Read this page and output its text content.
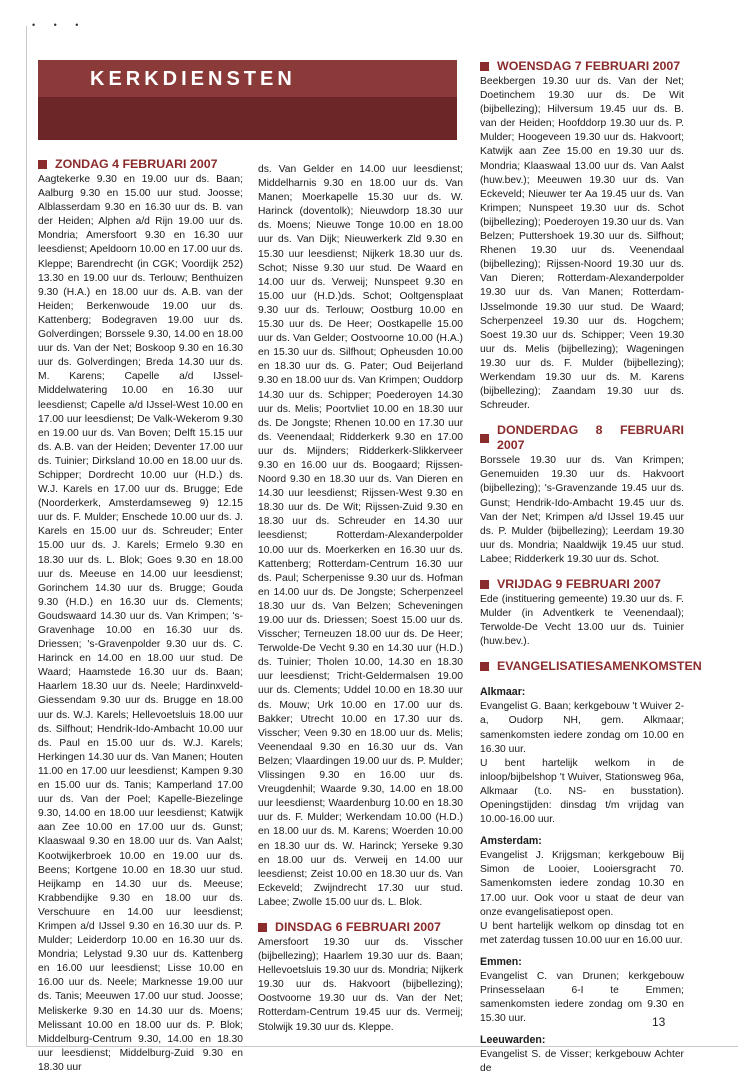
• • •
KERKDIENSTEN
ZONDAG 4 FEBRUARI 2007

Aagtekerke 9.30 en 19.00 uur ds. Baan; Aalburg 9.30 en 15.00 uur stud. Joosse; Alblasserdam 9.30 en 16.30 uur ds. B. van der Heiden; Alphen a/d Rijn 19.00 uur ds. Mondria; Amersfoort 9.30 en 16.30 uur leesdienst; Apeldoorn 10.00 en 17.00 uur ds. Kleppe; Barendrecht (in CGK; Voordijk 252) 13.30 en 19.00 uur ds. Terlouw; Benthuizen 9.30 (H.A.) en 18.00 uur ds. A.B. van der Heiden; Berkenwoude 19.00 uur ds. Kattenberg; Bodegraven 19.00 uur ds. Golverdingen; Borssele 9.30, 14.00 en 18.00 uur ds. Van der Net; Boskoop 9.30 en 16.30 uur ds. Golverdingen; Breda 14.30 uur ds. M. Karens; Capelle a/d IJssel-Middelwatering 10.00 en 16.30 uur leesdienst; Capelle a/d IJssel-West 10.00 en 17.00 uur leesdienst; De Valk-Wekerom 9.30 en 19.00 uur ds. Van Boven; Delft 15.15 uur ds. A.B. van der Heiden; Deventer 17.00 uur ds. Tuinier; Dirksland 10.00 en 18.00 uur ds. Schipper; Dordrecht 10.00 uur (H.D.) ds. W.J. Karels en 17.00 uur ds. Brugge; Ede (Noorderkerk, Amsterdamseweg 9) 12.15 uur ds. F. Mulder; Enschede 10.00 uur ds. J. Karels en 15.00 uur ds. Schreuder; Enter 15.00 uur ds. J. Karels; Ermelo 9.30 en 18.30 uur ds. L. Blok; Goes 9.30 en 18.00 uur ds. Meeuse en 14.00 uur leesdienst; Gorinchem 14.30 uur ds. Brugge; Gouda 9.30 (H.D.) en 16.30 uur ds. Clements; Goudswaard 14.30 uur ds. Van Krimpen; 's-Gravenhage 10.00 en 16.30 uur ds. Driessen; 's-Gravenpolder 9.30 uur ds. C. Harinck en 14.00 en 18.00 uur stud. De Waard; Haamstede 16.30 uur ds. Baan; Haarlem 18.30 uur ds. Neele; Hardinxveld-Giessendam 9.30 uur ds. Brugge en 18.00 uur ds. W.J. Karels; Hellevoetsluis 18.00 uur ds. Silfhout; Hendrik-Ido-Ambacht 10.00 uur ds. Paul en 15.00 uur ds. W.J. Karels; Herkingen 14.30 uur ds. Van Manen; Houten 11.00 en 17.00 uur leesdienst; Kampen 9.30 en 15.00 uur ds. Tanis; Kamperland 17.00 uur ds. Van der Poel; Kapelle-Biezelinge 9.30, 14.00 en 18.00 uur leesdienst; Katwijk aan Zee 10.00 en 17.00 uur ds. Gunst; Klaaswaal 9.30 en 18.00 uur ds. Van Aalst; Kootwijkerbroek 10.00 en 19.00 uur ds. Beens; Kortgene 10.00 en 18.30 uur stud. Heijkamp en 14.30 uur ds. Meeuse; Krabbendijke 9.30 en 18.00 uur ds. Verschuure en 14.00 uur leesdienst; Krimpen a/d IJssel 9.30 en 16.30 uur ds. P. Mulder; Leiderdorp 10.00 en 16.30 uur ds. Mondria; Lelystad 9.30 uur ds. Kattenberg en 16.00 uur leesdienst; Lisse 10.00 en 16.00 uur ds. Neele; Marknesse 19.00 uur ds. Tanis; Meeuwen 17.00 uur stud. Joosse; Meliskerke 9.30 en 14.30 uur ds. Moens; Melissant 10.00 en 18.00 uur ds. P. Blok; Middelburg-Centrum 9.30, 14.00 en 18.30 uur leesdienst; Middelburg-Zuid 9.30 en 18.30 uur

ds. Van Gelder en 14.00 uur leesdienst; Middelharnis 9.30 en 18.00 uur ds. Van Manen; Moerkapelle 15.30 uur ds. W. Harinck (doventolk); Nieuwdorp 18.30 uur ds. Moens; Nieuwe Tonge 10.00 en 18.00 uur ds. Van Dijk; Nieuwerkerk Zld 9.30 en 15.30 uur leesdienst; Nijkerk 18.30 uur ds. Schot; Nisse 9.30 uur stud. De Waard en 14.00 uur ds. Verweij; Nunspeet 9.30 en 15.00 uur (H.D.)ds. Schot; Ooltgensplaat 9.30 uur ds. Terlouw; Oostburg 10.00 en 15.30 uur ds. De Heer; Oostkapelle 15.00 uur ds. Van Gelder; Oostvoorne 10.00 (H.A.) en 15.30 uur ds. Silfhout; Opheusden 10.00 en 18.30 uur ds. G. Pater; Oud Beijerland 9.30 en 18.00 uur ds. Van Krimpen; Ouddorp 14.30 uur ds. Schipper; Poederoyen 14.30 uur ds. Melis; Poortvliet 10.00 en 18.30 uur ds. De Jongste; Rhenen 10.00 en 17.30 uur ds. Veenendaal; Ridderkerk 9.30 en 17.00 uur ds. Mijnders; Ridderkerk-Slikkerveer 9.30 en 16.00 uur ds. Boogaard; Rijssen-Noord 9.30 en 18.30 uur ds. Van Dieren en 14.30 uur leesdienst; Rijssen-West 9.30 en 18.30 uur ds. De Wit; Rijssen-Zuid 9.30 en 18.30 uur ds. Schreuder en 14.30 uur leesdienst; Rotterdam-Alexanderpolder 10.00 uur ds. Moerkerken en 16.30 uur ds. Kattenberg; Rotterdam-Centrum 16.30 uur ds. Paul; Scherpenisse 9.30 uur ds. Hofman en 14.00 uur ds. De Jongste; Scherpenzeel 18.30 uur ds. Van Belzen; Scheveningen 19.00 uur ds. Driessen; Soest 15.00 uur ds. Visscher; Terneuzen 18.00 uur ds. De Heer; Terwolde-De Vecht 9.30 en 14.30 uur (H.D.) ds. Tuinier; Tholen 10.00, 14.30 en 18.30 uur leesdienst; Tricht-Geldermalsen 19.00 uur ds. Clements; Uddel 10.00 en 18.30 uur ds. Mouw; Urk 10.00 en 17.00 uur ds. Bakker; Utrecht 10.00 en 17.30 uur ds. Visscher; Veen 9.30 en 18.00 uur ds. Melis; Veenendaal 9.30 en 16.30 uur ds. Van Belzen; Vlaardingen 19.00 uur ds. P. Mulder; Vlissingen 9.30 en 16.00 uur ds. Vreugdenhil; Waarde 9.30, 14.00 en 18.00 uur leesdienst; Waardenburg 10.00 en 18.30 uur ds. F. Mulder; Werkendam 10.00 (H.D.) en 18.00 uur ds. M. Karens; Woerden 10.00 en 18.30 uur ds. W. Harinck; Yerseke 9.30 en 18.00 uur ds. Verweij en 14.00 uur leesdienst; Zeist 10.00 en 18.30 uur ds. Van Eckeveld; Zwijndrecht 17.30 uur stud. Labee; Zwolle 15.00 uur ds. L. Blok.

DINSDAG 6 FEBRUARI 2007

Amersfoort 19.30 uur ds. Visscher (bijbellezing); Haarlem 19.30 uur ds. Baan; Hellevoetsluis 19.30 uur ds. Mondria; Nijkerk 19.30 uur ds. Hakvoort (bijbellezing); Oostvoorne 19.30 uur ds. Van der Net; Rotterdam-Centrum 19.45 uur ds. Vermeij; Stolwijk 19.30 uur ds. Kleppe.

WOENSDAG 7 FEBRUARI 2007

Beekbergen 19.30 uur ds. Van der Net; Doetinchem 19.30 uur ds. De Wit (bijbellezing); Hilversum 19.45 uur ds. B. van der Heiden; Hoofddorp 19.30 uur ds. P. Mulder; Hoogeveen 19.30 uur ds. Hakvoort; Katwijk aan Zee 15.00 en 19.30 uur ds. Mondria; Klaaswaal 13.00 uur ds. Van Aalst (huw.bev.); Meeuwen 19.30 uur ds. Van Eckeveld; Nieuwer ter Aa 19.45 uur ds. Van Krimpen; Nunspeet 19.30 uur ds. Schot (bijbellezing); Poederoyen 19.30 uur ds. Van Belzen; Puttershoek 19.30 uur ds. Silfhout; Rhenen 19.30 uur ds. Veenendaal (bijbellezing); Rijssen-Noord 19.30 uur ds. Van Dieren; Rotterdam-Alexanderpolder 19.30 uur ds. Van Manen; Rotterdam-IJsselmonde 19.30 uur stud. De Waard; Scherpenzeel 19.30 uur ds. Hogchem; Soest 19.30 uur ds. Schipper; Veen 19.30 uur ds. Melis (bijbellezing); Wageningen 19.30 uur ds. F. Mulder (bijbellezing); Werkendam 19.30 uur ds. M. Karens (bijbellezing); Zaandam 19.30 uur ds. Schreuder.

DONDERDAG 8 FEBRUARI 2007

Borssele 19.30 uur ds. Van Krimpen; Genemuiden 19.30 uur ds. Hakvoort (bijbellezing); 's-Gravenzande 19.45 uur ds. Gunst; Hendrik-Ido-Ambacht 19.45 uur ds. Van der Net; Krimpen a/d IJssel 19.45 uur ds. P. Mulder (bijbellezing); Leerdam 19.30 uur ds. Mondria; Naaldwijk 19.45 uur stud. Labee; Ridderkerk 19.30 uur ds. Schot.

VRIJDAG 9 FEBRUARI 2007

Ede (instituering gemeente) 19.30 uur ds. F. Mulder (in Adventkerk te Veenendaal); Terwolde-De Vecht 13.00 uur ds. Tuinier (huw.bev.).

EVANGELISATIESAMENKOMSTEN

Alkmaar:

Evangelist G. Baan; kerkgebouw 't Wuiver 2-a, Oudorp NH, gem. Alkmaar; samenkomsten iedere zondag om 10.00 en 16.30 uur.

U bent hartelijk welkom in de inloop/bijbelshop 't Wuiver, Stationsweg 96a, Alkmaar (t.o. NS- en busstation). Openingstijden: dinsdag t/m vrijdag van 10.00-16.00 uur.

Amsterdam:

Evangelist J. Krijgsman; kerkgebouw Bij Simon de Looier, Looiersgracht 70. Samenkomsten iedere zondag 10.30 en 17.00 uur. Ook voor u staat de deur van onze evangelisatiepost open.

U bent hartelijk welkom op dinsdag tot en met zaterdag tussen 10.00 uur en 16.00 uur.

Emmen:

Evangelist C. van Drunen; kerkgebouw Prinsesselaan 6-I te Emmen; samenkomsten iedere zondag om 9.30 en 15.30 uur.

Leeuwarden:

Evangelist S. de Visser; kerkgebouw Achter de

13
